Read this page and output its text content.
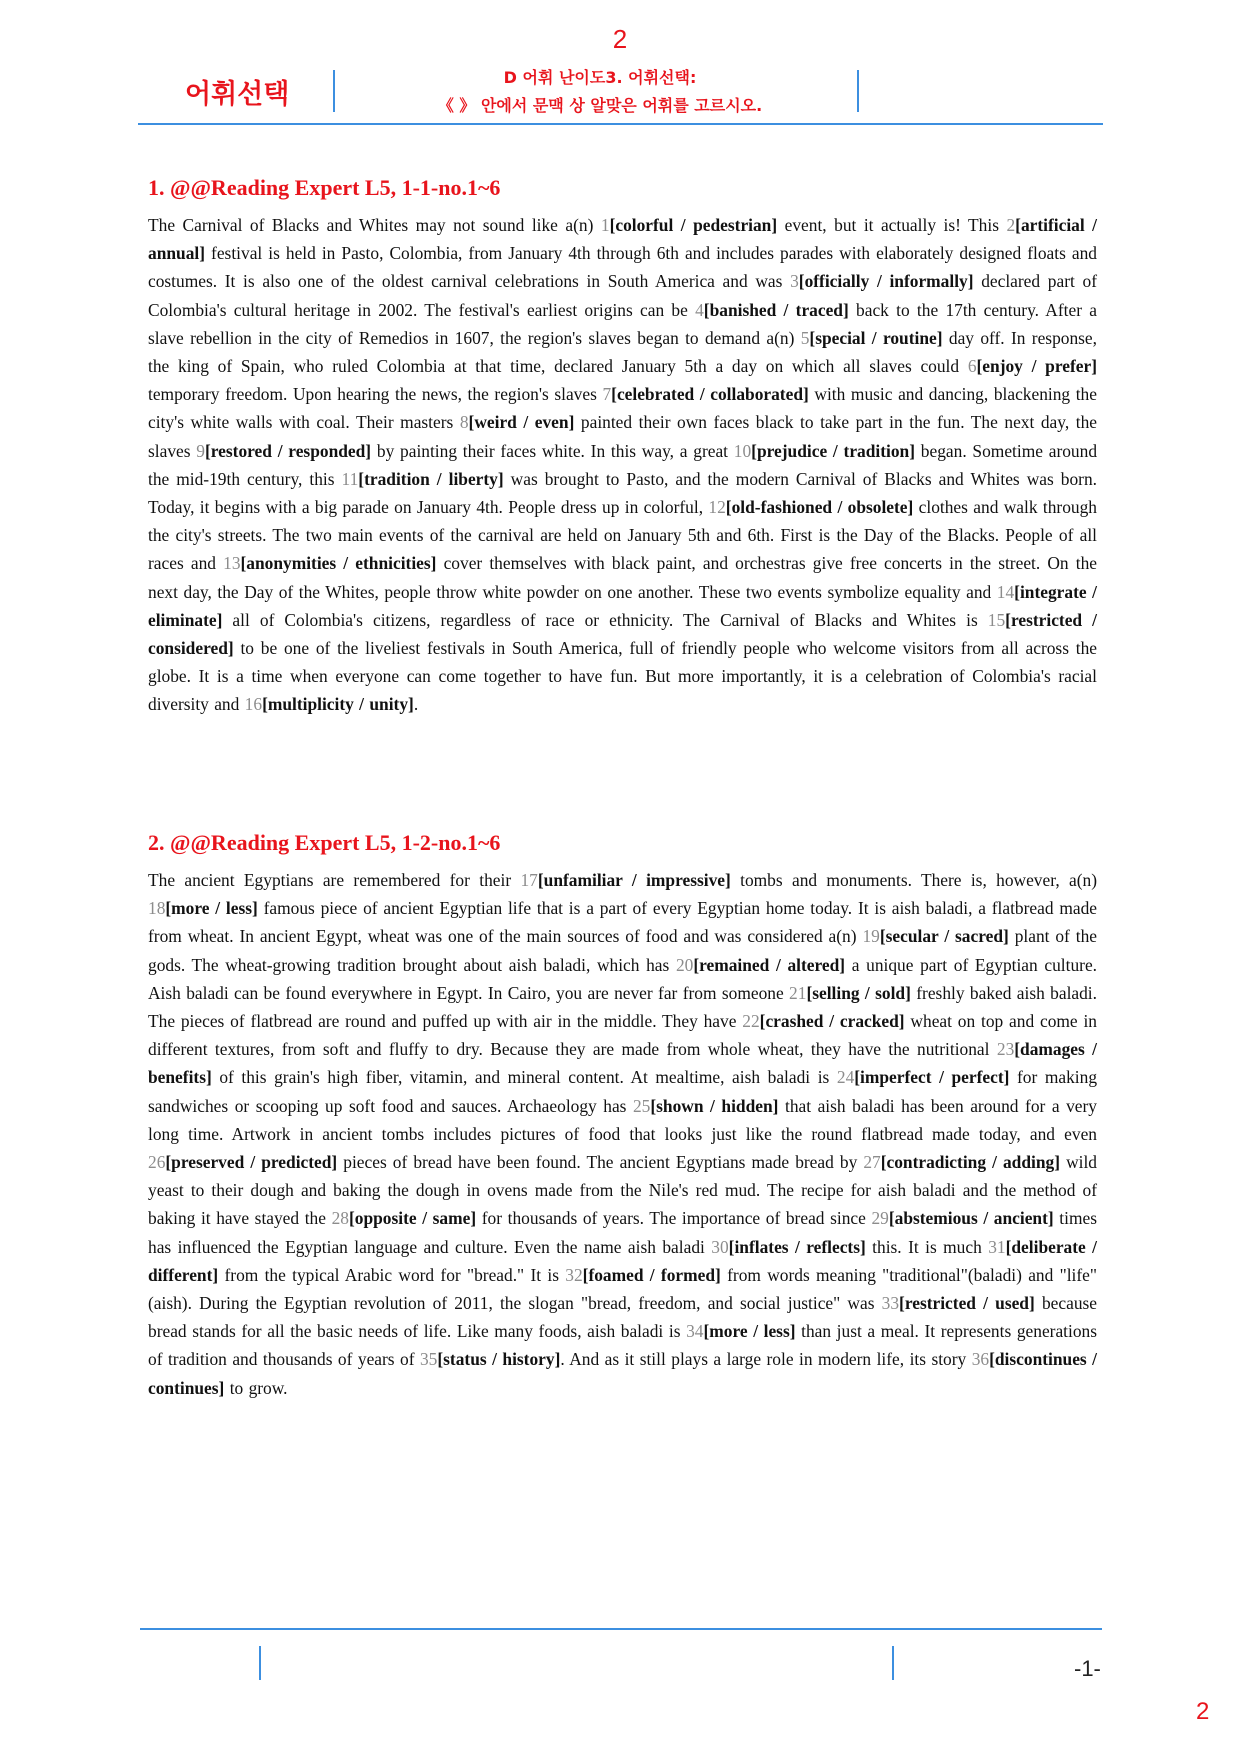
2
어휘선택
D 어휘 난이도3. 어휘선택:
《 》 안에서 문맥 상 알맞은 어휘를 고르시오.
1. @@Reading Expert L5, 1-1-no.1~6

The Carnival of Blacks and Whites may not sound like a(n) 1[colorful / pedestrian] event, but it actually is! This 2[artificial / annual] festival is held in Pasto, Colombia, from January 4th through 6th and includes parades with elaborately designed floats and costumes. It is also one of the oldest carnival celebrations in South America and was 3[officially / informally] declared part of Colombia's cultural heritage in 2002. The festival's earliest origins can be 4[banished / traced] back to the 17th century. After a slave rebellion in the city of Remedios in 1607, the region's slaves began to demand a(n) 5[special / routine] day off. In response, the king of Spain, who ruled Colombia at that time, declared January 5th a day on which all slaves could 6[enjoy / prefer] temporary freedom. Upon hearing the news, the region's slaves 7[celebrated / collaborated] with music and dancing, blackening the city's white walls with coal. Their masters 8[weird / even] painted their own faces black to take part in the fun. The next day, the slaves 9[restored / responded] by painting their faces white. In this way, a great 10[prejudice / tradition] began. Sometime around the mid-19th century, this 11[tradition / liberty] was brought to Pasto, and the modern Carnival of Blacks and Whites was born. Today, it begins with a big parade on January 4th. People dress up in colorful, 12[old-fashioned / obsolete] clothes and walk through the city's streets. The two main events of the carnival are held on January 5th and 6th. First is the Day of the Blacks. People of all races and 13[anonymities / ethnicities] cover themselves with black paint, and orchestras give free concerts in the street. On the next day, the Day of the Whites, people throw white powder on one another. These two events symbolize equality and 14[integrate / eliminate] all of Colombia's citizens, regardless of race or ethnicity. The Carnival of Blacks and Whites is 15[restricted / considered] to be one of the liveliest festivals in South America, full of friendly people who welcome visitors from all across the globe. It is a time when everyone can come together to have fun. But more importantly, it is a celebration of Colombia's racial diversity and 16[multiplicity / unity].

2. @@Reading Expert L5, 1-2-no.1~6

The ancient Egyptians are remembered for their 17[unfamiliar / impressive] tombs and monuments. There is, however, a(n) 18[more / less] famous piece of ancient Egyptian life that is a part of every Egyptian home today. It is aish baladi, a flatbread made from wheat. In ancient Egypt, wheat was one of the main sources of food and was considered a(n) 19[secular / sacred] plant of the gods. The wheat-growing tradition brought about aish baladi, which has 20[remained / altered] a unique part of Egyptian culture. Aish baladi can be found everywhere in Egypt. In Cairo, you are never far from someone 21[selling / sold] freshly baked aish baladi. The pieces of flatbread are round and puffed up with air in the middle. They have 22[crashed / cracked] wheat on top and come in different textures, from soft and fluffy to dry. Because they are made from whole wheat, they have the nutritional 23[damages / benefits] of this grain's high fiber, vitamin, and mineral content. At mealtime, aish baladi is 24[imperfect / perfect] for making sandwiches or scooping up soft food and sauces. Archaeology has 25[shown / hidden] that aish baladi has been around for a very long time. Artwork in ancient tombs includes pictures of food that looks just like the round flatbread made today, and even 26[preserved / predicted] pieces of bread have been found. The ancient Egyptians made bread by 27[contradicting / adding] wild yeast to their dough and baking the dough in ovens made from the Nile's red mud. The recipe for aish baladi and the method of baking it have stayed the 28[opposite / same] for thousands of years. The importance of bread since 29[abstemious / ancient] times has influenced the Egyptian language and culture. Even the name aish baladi 30[inflates / reflects] this. It is much 31[deliberate / different] from the typical Arabic word for "bread." It is 32[foamed / formed] from words meaning "traditional"(baladi) and "life" (aish). During the Egyptian revolution of 2011, the slogan "bread, freedom, and social justice" was 33[restricted / used] because bread stands for all the basic needs of life. Like many foods, aish baladi is 34[more / less] than just a meal. It represents generations of tradition and thousands of years of 35[status / history]. And as it still plays a large role in modern life, its story 36[discontinues / continues] to grow.

-1-
2
